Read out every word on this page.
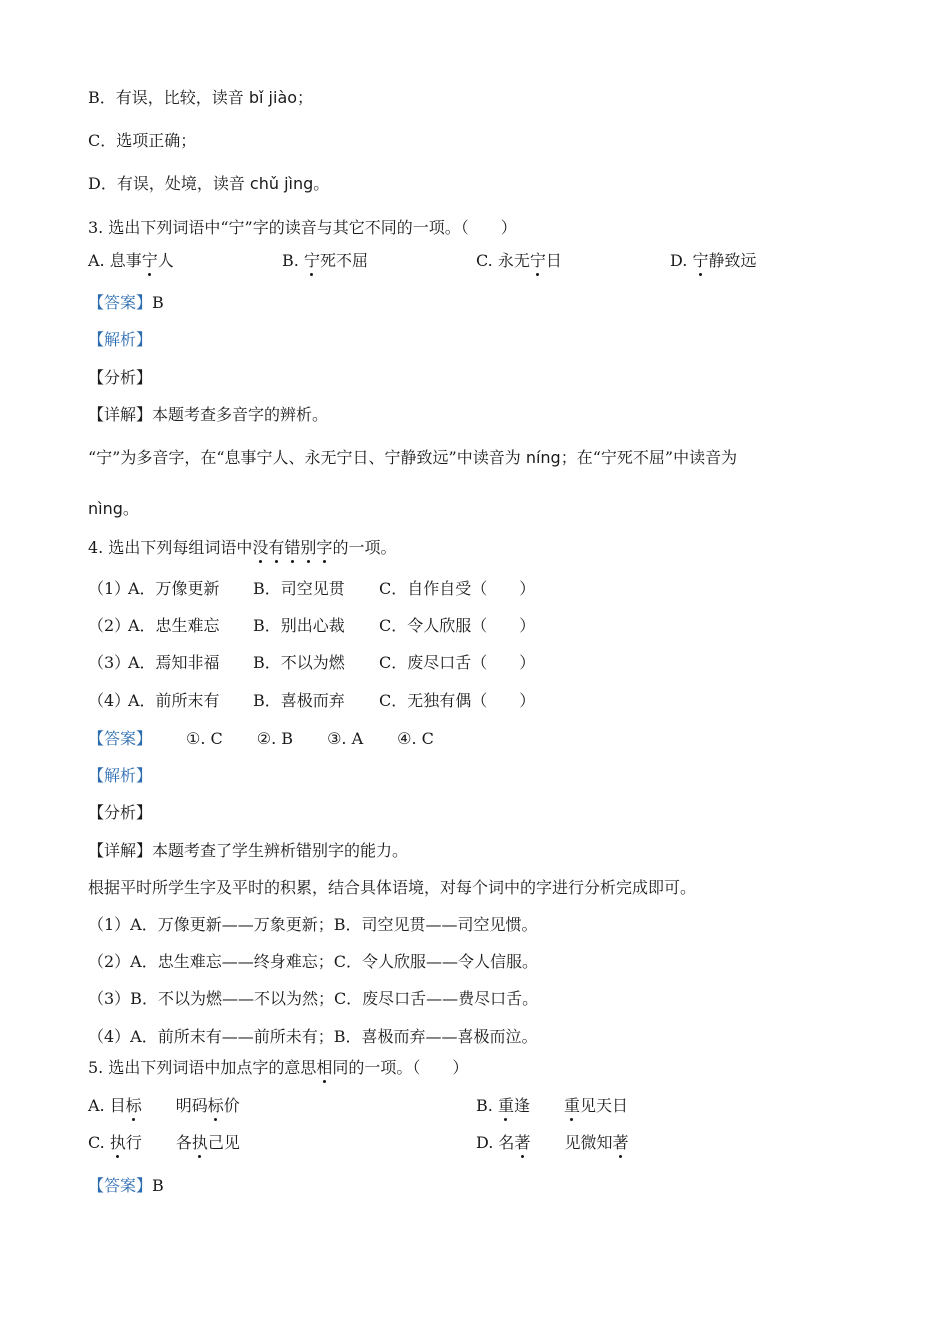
B．有误，比较，读音 bǐ jiào；
C．选项正确；
D．有误，处境，读音 chǔ jìng。
3. 选出下列词语中“宁”字的读音与其它不同的一项。（　　）
A. 息事宁人	B. 宁死不屈	C. 永无宁日	D. 宁静致远
【答案】B
【解析】
【分析】
【详解】本题考查多音字的辨析。
“宁”为多音字，在“息事宁人、永无宁日、宁静致远”中读音为 níng；在“宁死不屈”中读音为
nìng。
4. 选出下列每组词语中没有错别字的一项。
（1）
A．万像更新 B．司空见贯 C．自作自受（　　）
（2）
A．忠生难忘 B．别出心裁 C．令人欣服（　　）
（3）
A．焉知非福 B．不以为燃 C．废尽口舌（　　）
（4）
A．前所末有 B．喜极而弃 C．无独有偶（　　）
【答案】 ①. C ②. B ③. A ④. C
【解析】
【分析】
【详解】本题考查了学生辨析错别字的能力。
根据平时所学生字及平时的积累，结合具体语境，对每个词中的字进行分析完成即可。
（1）A．万像更新——万象更新；B．司空见贯——司空见惯。
（2）A．忠生难忘——终身难忘；C．令人欣服——令人信服。
（3）B．不以为燃——不以为然；C．废尽口舌——费尽口舌。
（4）A．前所末有——前所未有；B．喜极而弃——喜极而泣。
5. 选出下列词语中加点字的意思相同的一项。（　　）
A. 目标 明码标价	B. 重逢 重见天日
C. 执行 各执己见	D. 名著 见微知著
【答案】B
